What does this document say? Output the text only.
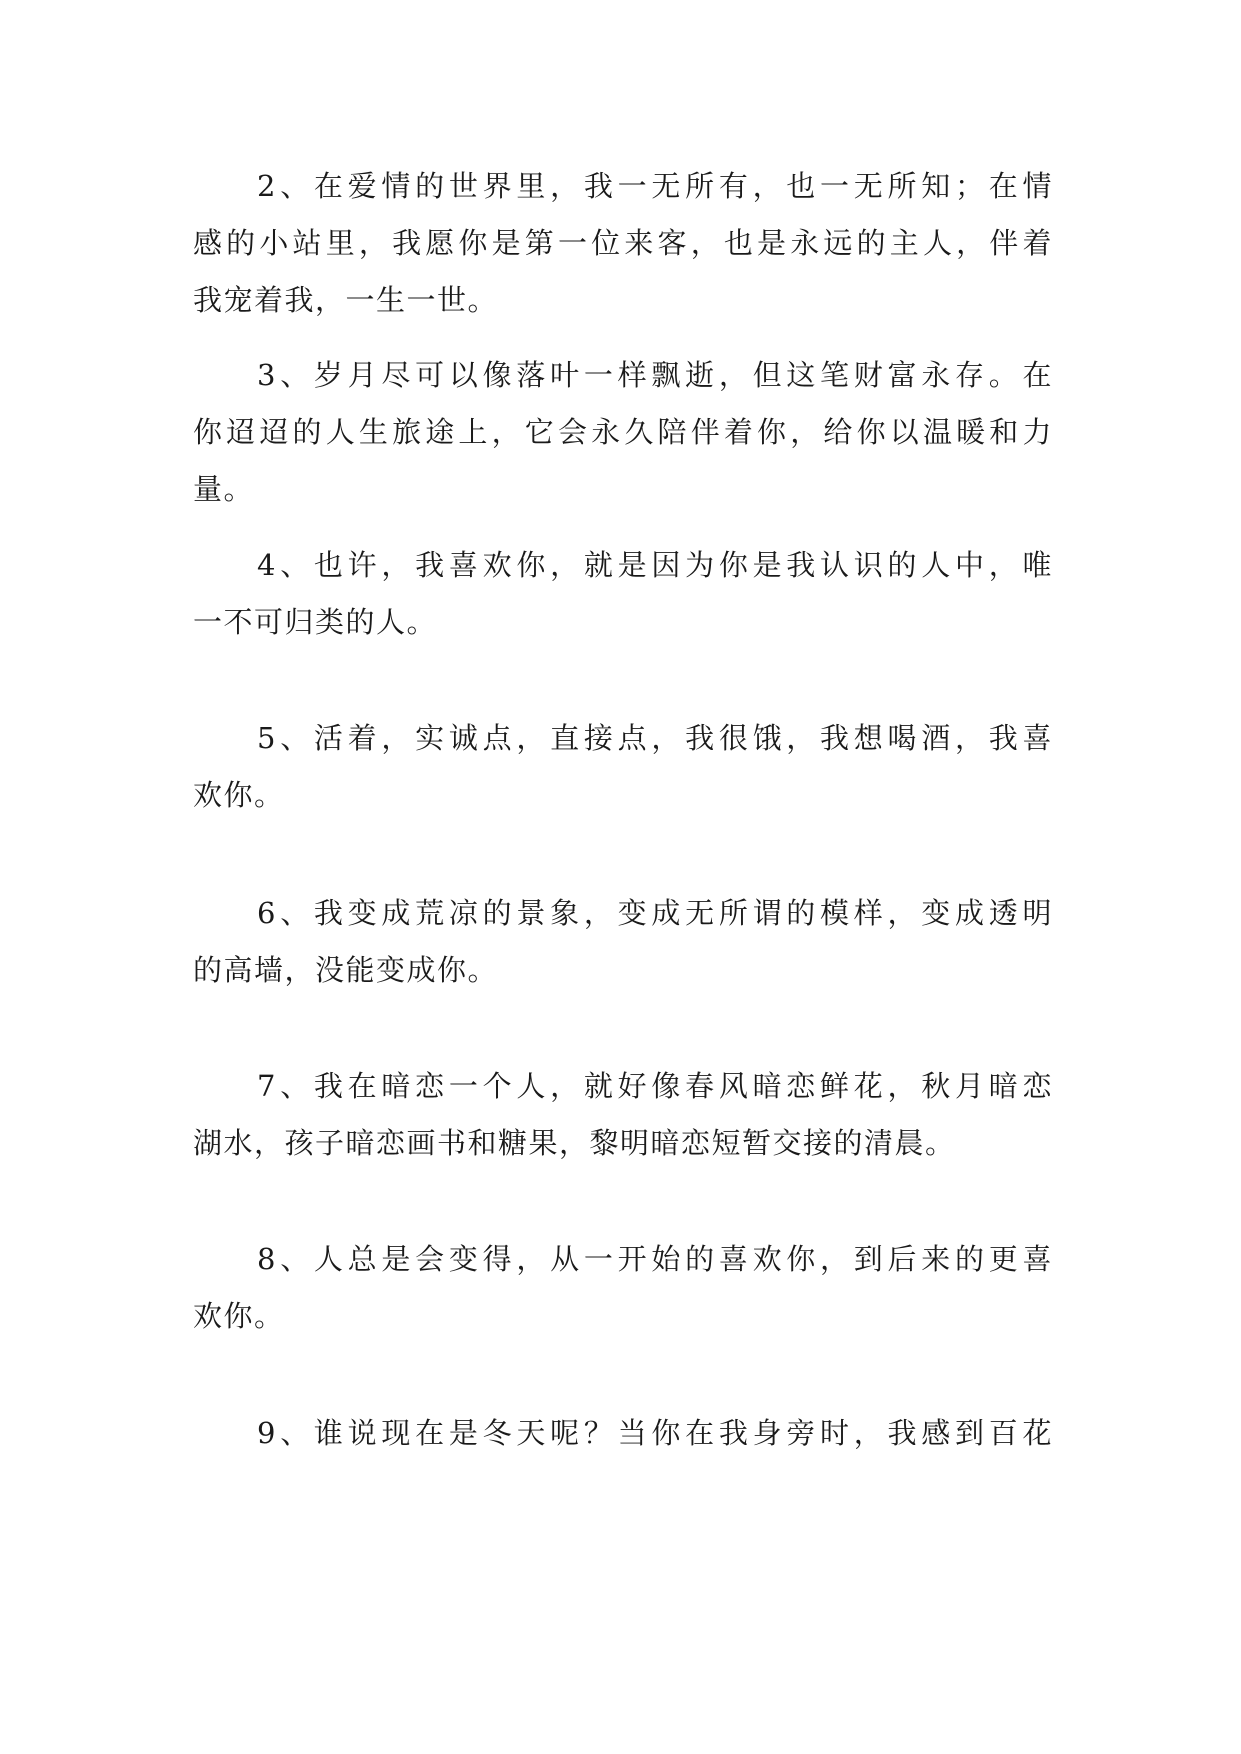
2、在爱情的世界里，我一无所有，也一无所知；在情
感的小站里，我愿你是第一位来客，也是永远的主人，伴着
我宠着我，一生一世。
3、岁月尽可以像落叶一样飘逝，但这笔财富永存。在
你迢迢的人生旅途上，它会永久陪伴着你，给你以温暖和力
量。
4、也许，我喜欢你，就是因为你是我认识的人中，唯
一不可归类的人。
5、活着，实诚点，直接点，我很饿，我想喝酒，我喜
欢你。
6、我变成荒凉的景象，变成无所谓的模样，变成透明
的高墙，没能变成你。
7、我在暗恋一个人，就好像春风暗恋鲜花，秋月暗恋
湖水，孩子暗恋画书和糖果，黎明暗恋短暂交接的清晨。
8、人总是会变得，从一开始的喜欢你，到后来的更喜
欢你。
9、谁说现在是冬天呢？当你在我身旁时，我感到百花
